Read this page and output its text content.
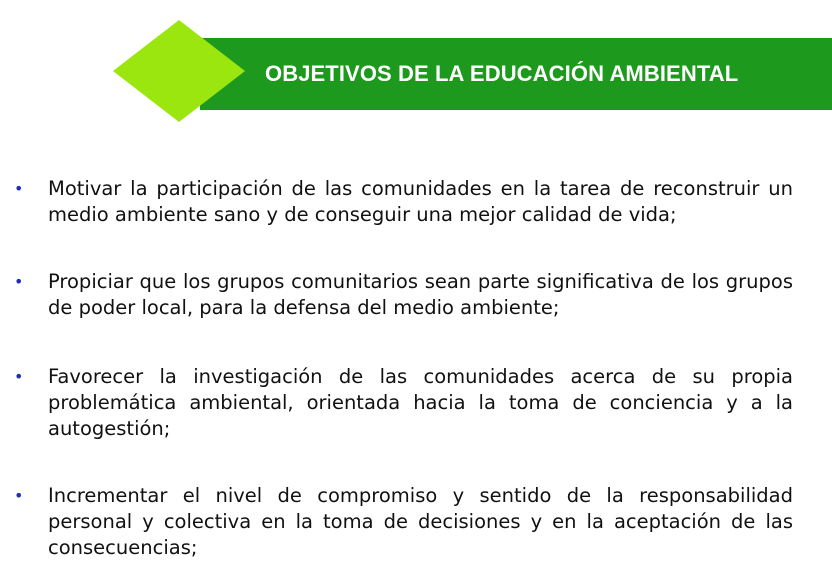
OBJETIVOS DE LA EDUCACIÓN AMBIENTAL
• Motivar la participación de las comunidades en la tarea de reconstruir un medio ambiente sano y de conseguir una mejor calidad de vida;
• Propiciar que los grupos comunitarios sean parte significativa de los grupos de poder local, para la defensa del medio ambiente;
• Favorecer la investigación de las comunidades acerca de su propia problemática ambiental, orientada hacia la toma de conciencia y a la autogestión;
• Incrementar el nivel de compromiso y sentido de la responsabilidad personal y colectiva en la toma de decisiones y en la aceptación de las consecuencias;
